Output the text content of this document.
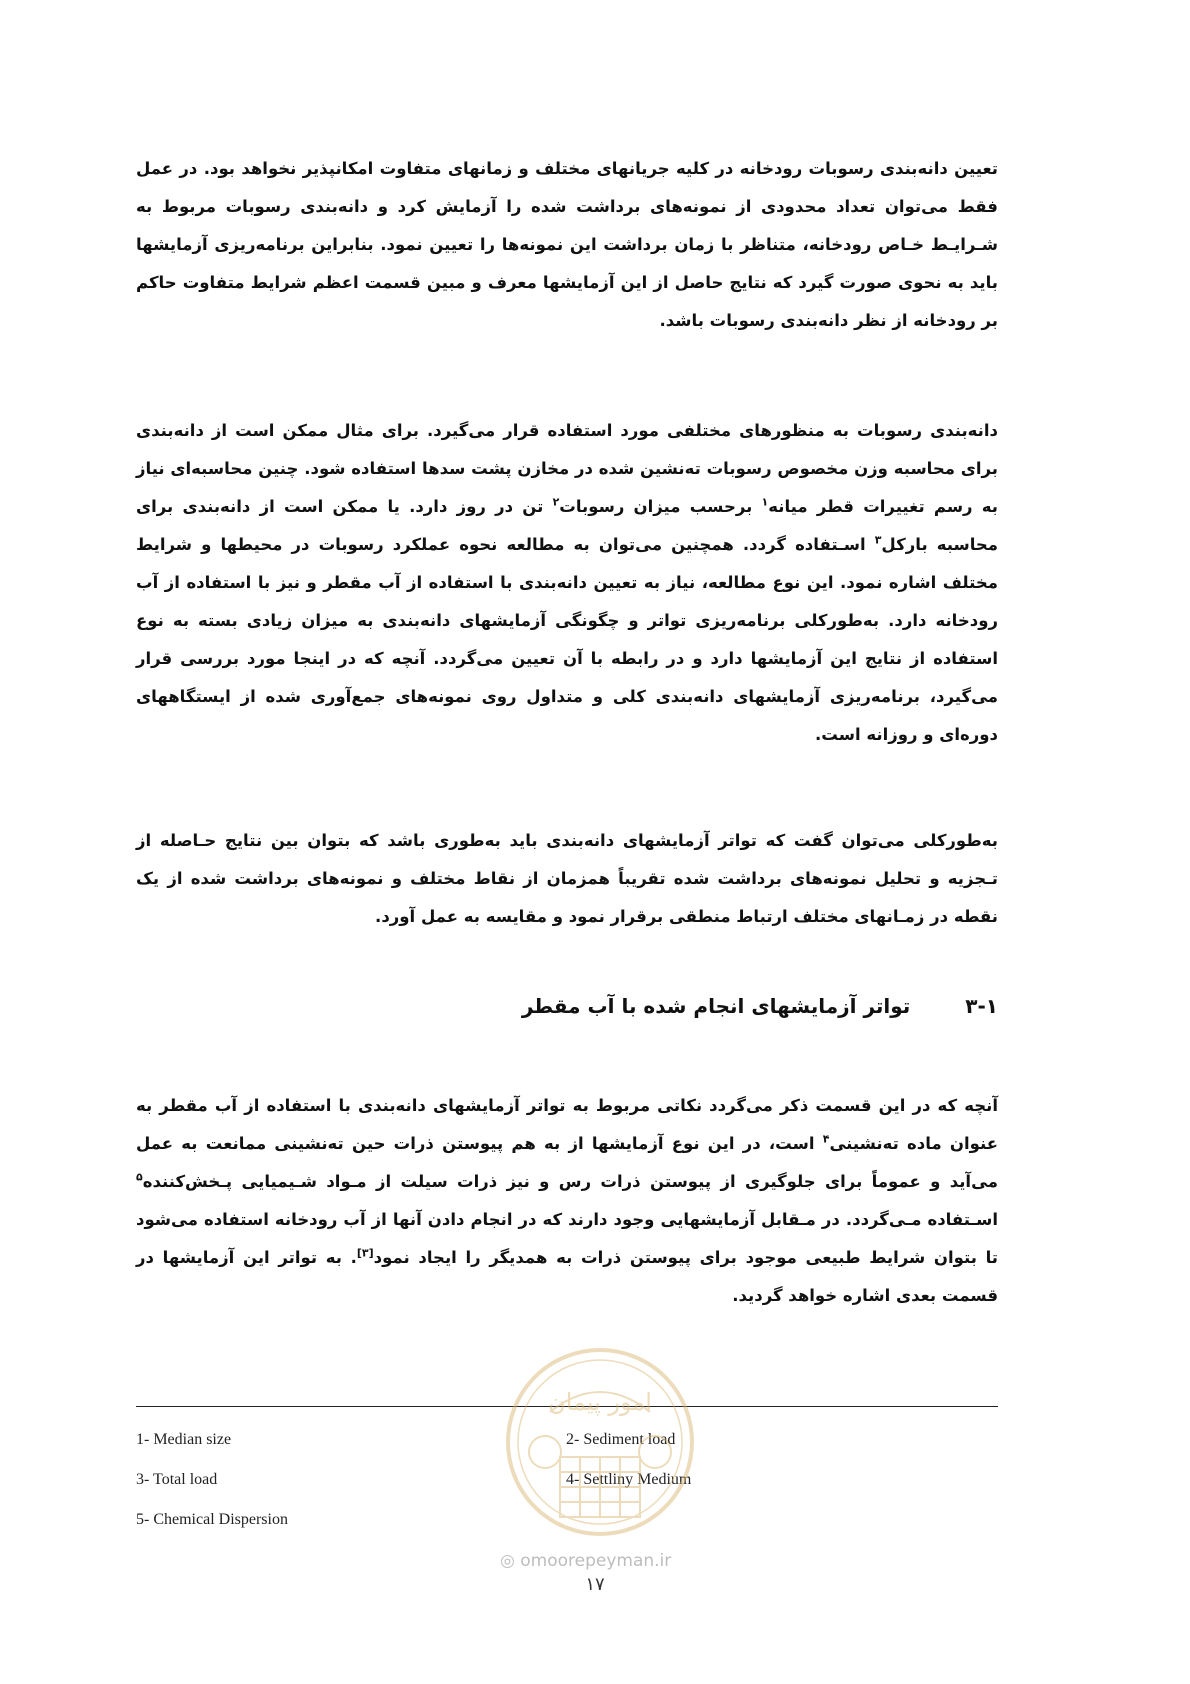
تعیین دانه‌بندی رسوبات رودخانه در کلیه جریانهای مختلف و زمانهای متفاوت امکانپذیر نخواهد بود. در عمل فقط می‌توان تعداد محدودی از نمونه‌های برداشت شده را آزمایش کرد و دانه‌بندی رسوبات مربوط به شـرایـط خـاص رودخانه، متناظر با زمان برداشت این نمونه‌ها را تعیین نمود. بنابراین برنامه‌ریزی آزمایشها باید به نحوی صورت گیرد که نتایج حاصل از این آزمایشها معرف و مبین قسمت اعظم شرایط متفاوت حاکم بر رودخانه از نظر دانه‌بندی رسوبات باشد.

دانه‌بندی رسوبات به منظورهای مختلفی مورد استفاده قرار می‌گیرد. برای مثال ممکن است از دانه‌بندی برای محاسبه وزن مخصوص رسوبات ته‌نشین شده در مخازن پشت سدها استفاده شود. چنین محاسبه‌ای نیاز به رسم تغییرات قطر میانه$^۱$ برحسب میزان رسوبات$^۲$ تن در روز دارد. یا ممکن است از دانه‌بندی برای محاسبه بارکل$^۳$ اسـتفاده گردد. همچنین می‌توان به مطالعه نحوه عملکرد رسوبات در محیطها و شرایط مختلف اشاره نمود. این نوع مطالعه، نیاز به تعیین دانه‌بندی با استفاده از آب مقطر و نیز با استفاده از آب رودخانه دارد. به‌طورکلی برنامه‌ریزی تواتر و چگونگی آزمایشهای دانه‌بندی به میزان زیادی بسته به نوع استفاده از نتایج این آزمایشها دارد و در رابطه با آن تعیین می‌گردد. آنچه که در اینجا مورد بررسی قرار می‌گیرد، برنامه‌ریزی آزمایشهای دانه‌بندی کلی و متداول روی نمونه‌های جمع‌آوری شده از ایستگاههای دوره‌ای و روزانه است.

به‌طورکلی می‌توان گفت که تواتر آزمایشهای دانه‌بندی باید به‌طوری باشد که بتوان بین نتایج حـاصله از تـجزیه و تحلیل نمونه‌های برداشت شده تقریباً همزمان از نقاط مختلف و نمونه‌های برداشت شده از یک نقطه در زمـانهای مختلف ارتباط منطقی برقرار نمود و مقایسه به عمل آورد.

۳-۱ تواتر آزمایشهای انجام شده با آب مقطر

آنچه که در این قسمت ذکر می‌گردد نکاتی مربوط به تواتر آزمایشهای دانه‌بندی با استفاده از آب مقطر به عنوان ماده ته‌نشینی$^۴$ است، در این نوع آزمایشها از به هم پیوستن ذرات حین ته‌نشینی ممانعت به عمل می‌آید و عموماً برای جلوگیری از پیوستن ذرات رس و نیز ذرات سیلت از مـواد شـیمیایی پـخش‌کننده$^۵$ اسـتفاده مـی‌گردد. در مـقابل آزمایشهایی وجود دارند که در انجام دادن آنها از آب رودخانه استفاده می‌شود تا بتوان شرایط طبیعی موجود برای پیوستن ذرات به همدیگر را ایجاد نمود[۳]. به تواتر این آزمایشها در قسمت بعدی اشاره خواهد گردید.

1- Median size	2- Sediment load
3- Total load	4- Settliny Medium
5- Chemical Dispersion
امور پیمان
◎ omoorepeyman.ir
۱۷
